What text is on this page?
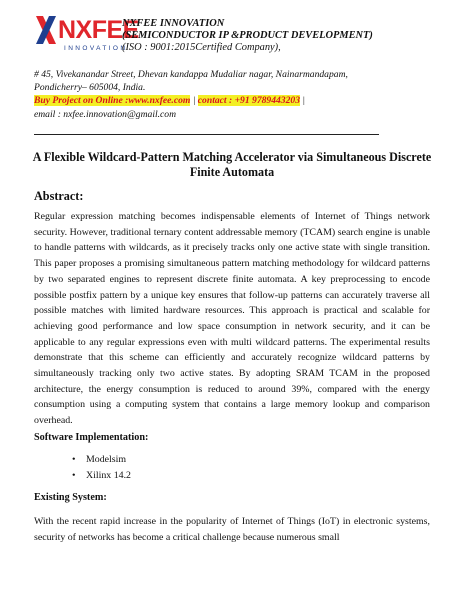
NXFEE
INNOVATION
NXFEE INNOVATION
(SEMICONDUCTOR IP &PRODUCT DEVELOPMENT)
(ISO : 9001:2015Certified Company),
# 45, Vivekanandar Street, Dhevan kandappa Mudaliar nagar, Nainarmandapam,
Pondicherry– 605004, India.
Buy Project on Online :www.nxfee.com | contact : +91 9789443203 |
email : nxfee.innovation@gmail.com
A Flexible Wildcard-Pattern Matching Accelerator via Simultaneous Discrete Finite Automata
Abstract:

Regular expression matching becomes indispensable elements of Internet of Things network security. However, traditional ternary content addressable memory (TCAM) search engine is unable to handle patterns with wildcards, as it precisely tracks only one active state with single transition. This paper proposes a promising simultaneous pattern matching methodology for wildcard patterns by two separated engines to represent discrete finite automata. A key preprocessing to encode possible postfix pattern by a unique key ensures that follow-up patterns can accurately traverse all possible matches with limited hardware resources. This approach is practical and scalable for achieving good performance and low space consumption in network security, and it can be applicable to any regular expressions even with multi wildcard patterns. The experimental results demonstrate that this scheme can efficiently and accurately recognize wildcard patterns by simultaneously tracking only two active states. By adopting SRAM TCAM in the proposed architecture, the energy consumption is reduced to around 39%, compared with the energy consumption using a computing system that contains a large memory lookup and comparison overhead.

Software Implementation:
• Modelsim
• Xilinx 14.2
Existing System:

With the recent rapid increase in the popularity of Internet of Things (IoT) in electronic systems, security of networks has become a critical challenge because numerous small
